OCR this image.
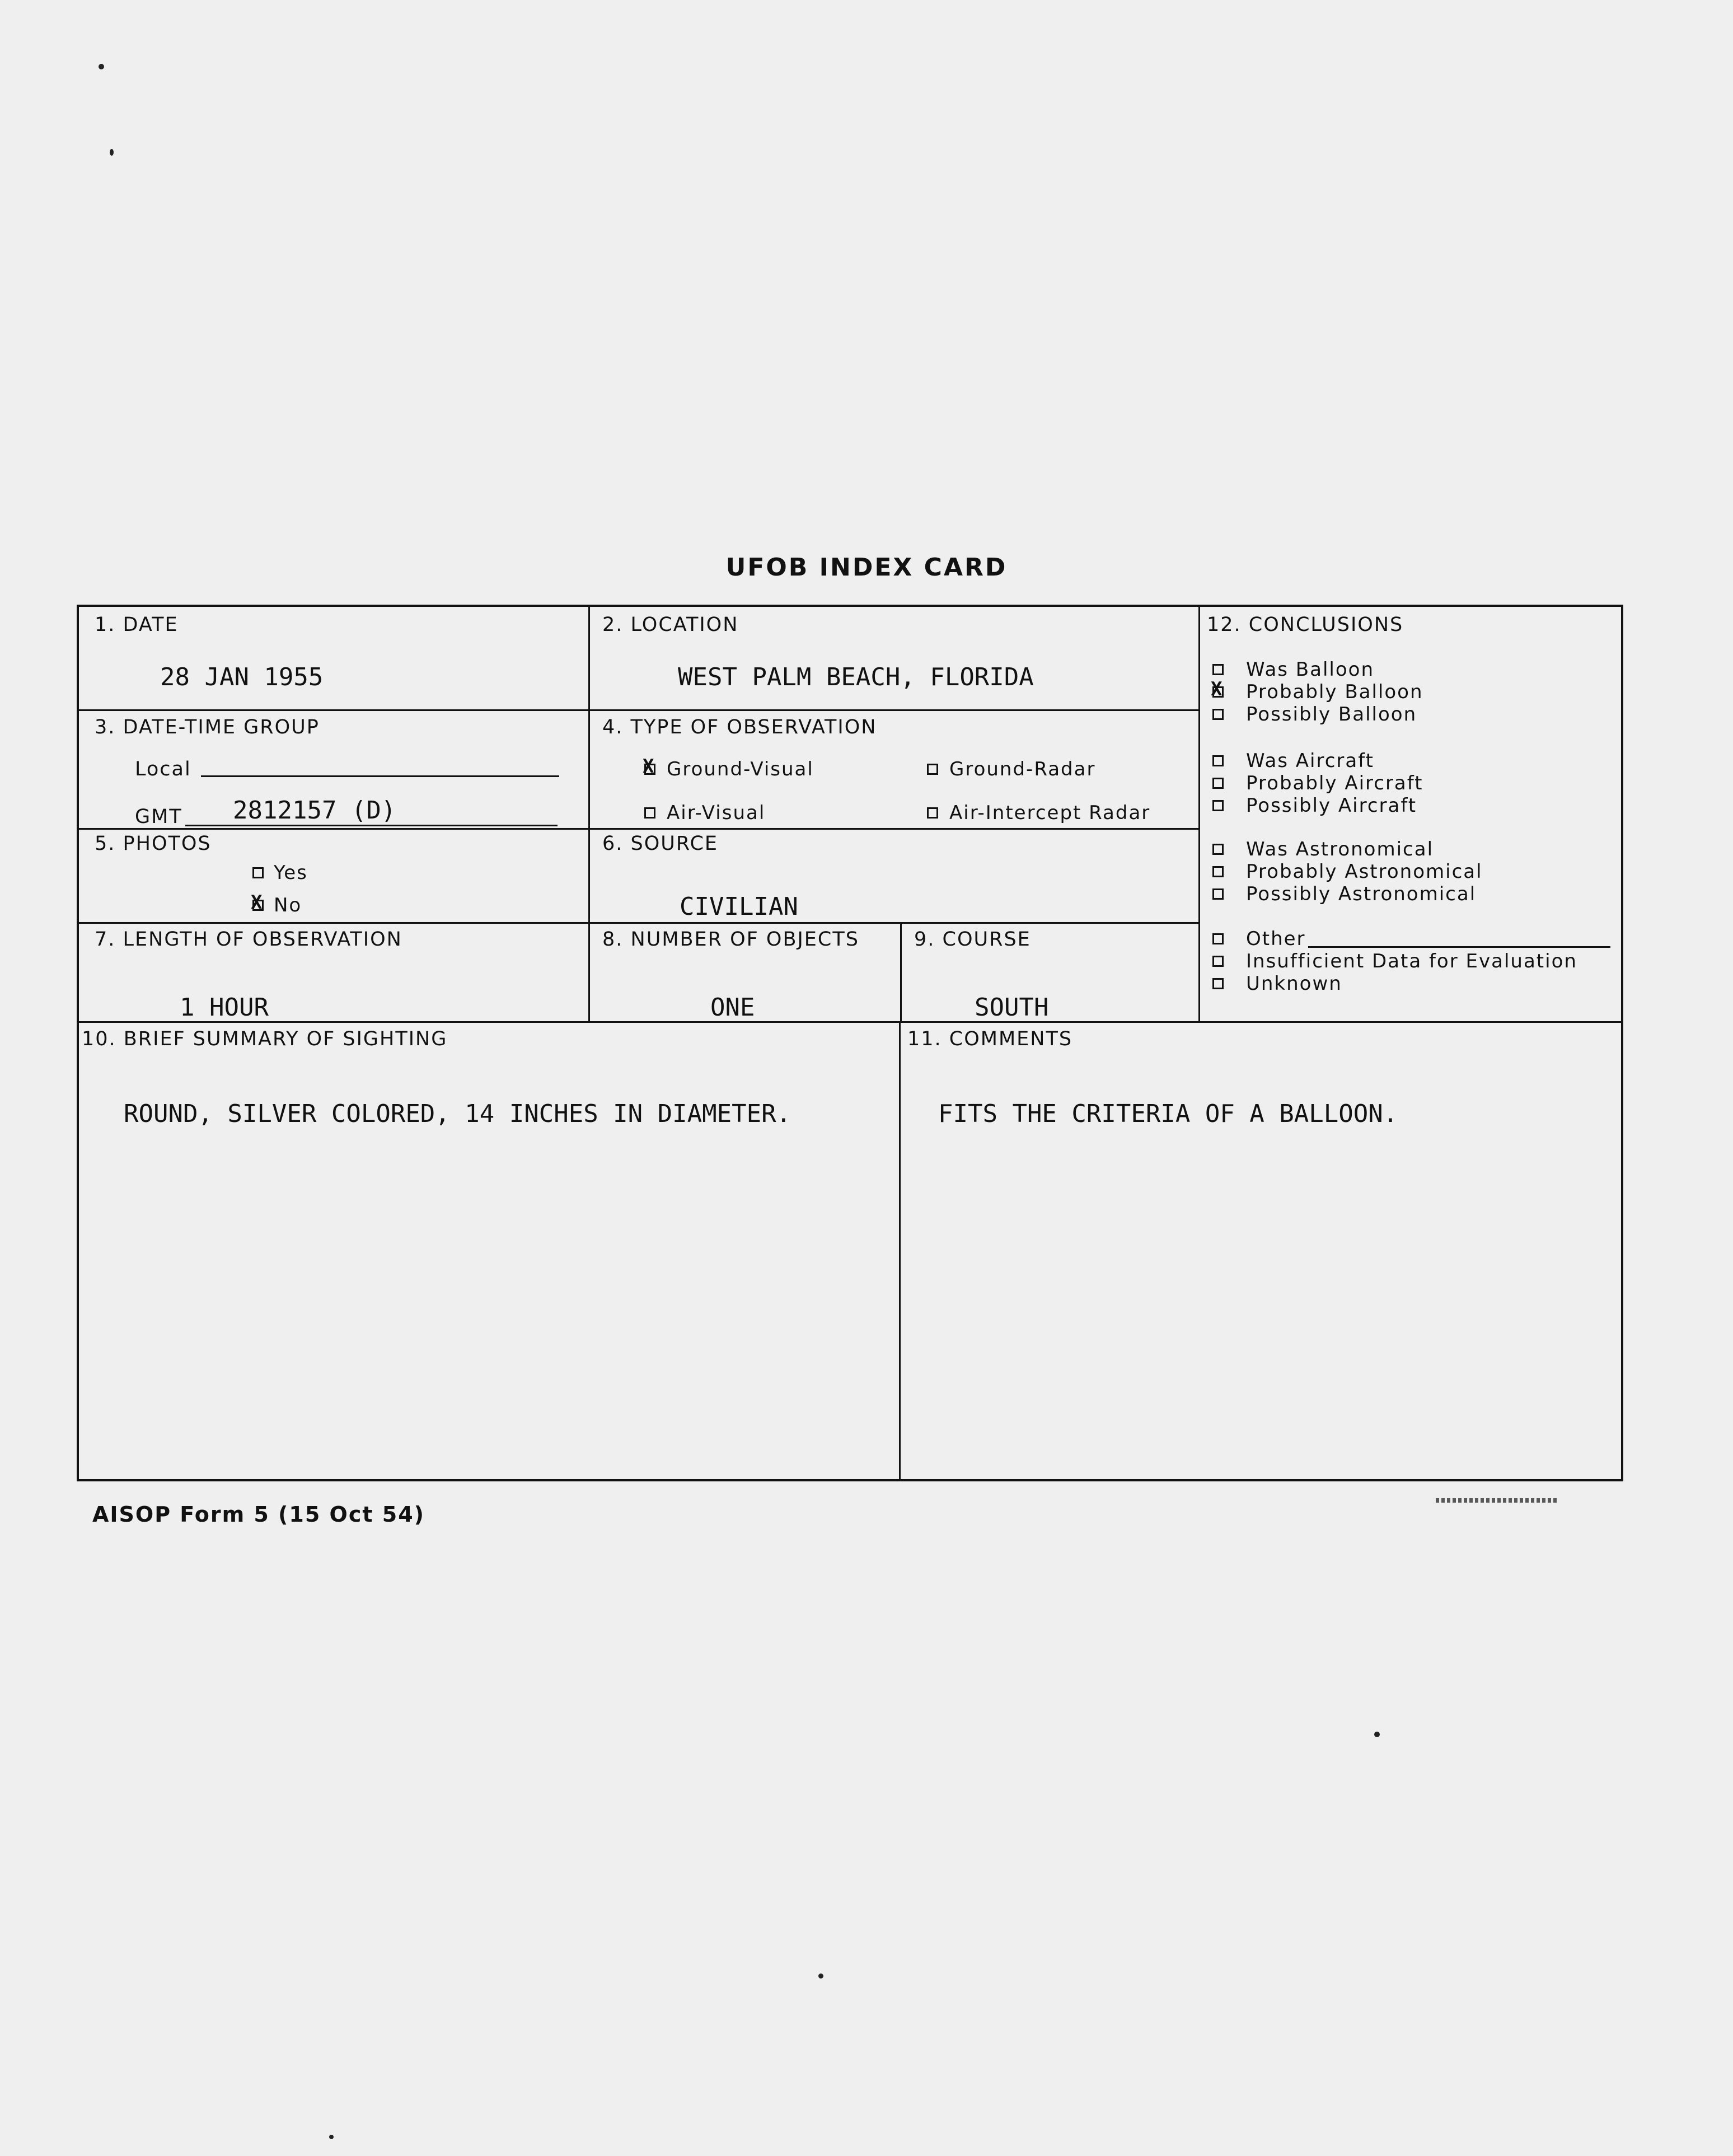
UFOB INDEX CARD
1. DATE
28 JAN 1955
2. LOCATION
WEST PALM BEACH, FLORIDA
3. DATE-TIME GROUP
Local
GMT 2812157 (D)
4. TYPE OF OBSERVATION
X
Ground-Visual	Ground-Radar
Air-Visual	Air-Intercept Radar
5. PHOTOS
Yes
X
No
6. SOURCE
CIVILIAN
7. LENGTH OF OBSERVATION
1 HOUR
8. NUMBER OF OBJECTS
ONE
9. COURSE
SOUTH
10. BRIEF SUMMARY OF SIGHTING
ROUND, SILVER COLORED, 14 INCHES IN DIAMETER.
11. COMMENTS
FITS THE CRITERIA OF A BALLOON.
12. CONCLUSIONS
Was Balloon
X
Probably Balloon
Possibly Balloon
Was Aircraft
Probably Aircraft
Possibly Aircraft
Was Astronomical
Probably Astronomical
Possibly Astronomical
Other
Insufficient Data for Evaluation
Unknown
AISOP Form 5 (15 Oct 54)
